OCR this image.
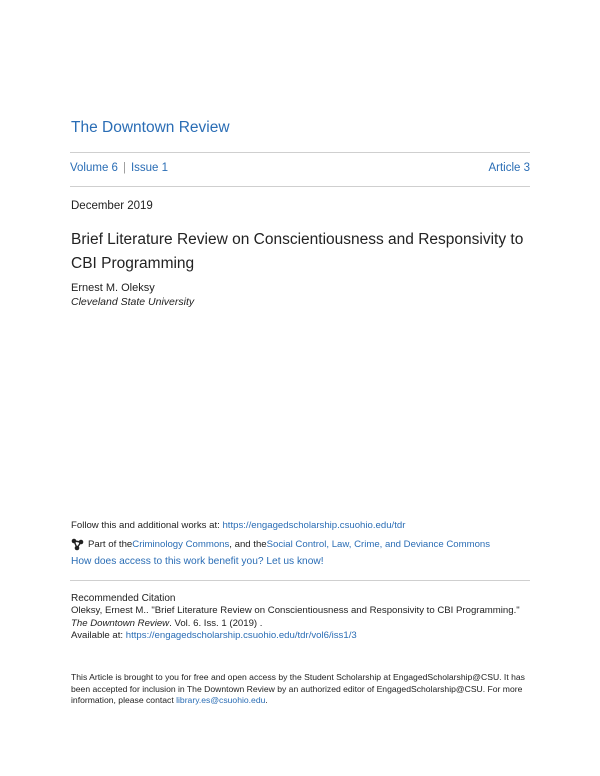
The Downtown Review
Volume 6 | Issue 1	Article 3
December 2019
Brief Literature Review on Conscientiousness and Responsivity to CBI Programming
Ernest M. Oleksy
Cleveland State University
Follow this and additional works at: https://engagedscholarship.csuohio.edu/tdr
Part of the Criminology Commons , and the Social Control, Law, Crime, and Deviance Commons
How does access to this work benefit you? Let us know!
Recommended Citation
Oleksy, Ernest M.. "Brief Literature Review on Conscientiousness and Responsivity to CBI Programming."
The Downtown Review. Vol. 6. Iss. 1 (2019) .
Available at: https://engagedscholarship.csuohio.edu/tdr/vol6/iss1/3
This Article is brought to you for free and open access by the Student Scholarship at EngagedScholarship@CSU. It has been accepted for inclusion in The Downtown Review by an authorized editor of EngagedScholarship@CSU. For more information, please contact library.es@csuohio.edu.
